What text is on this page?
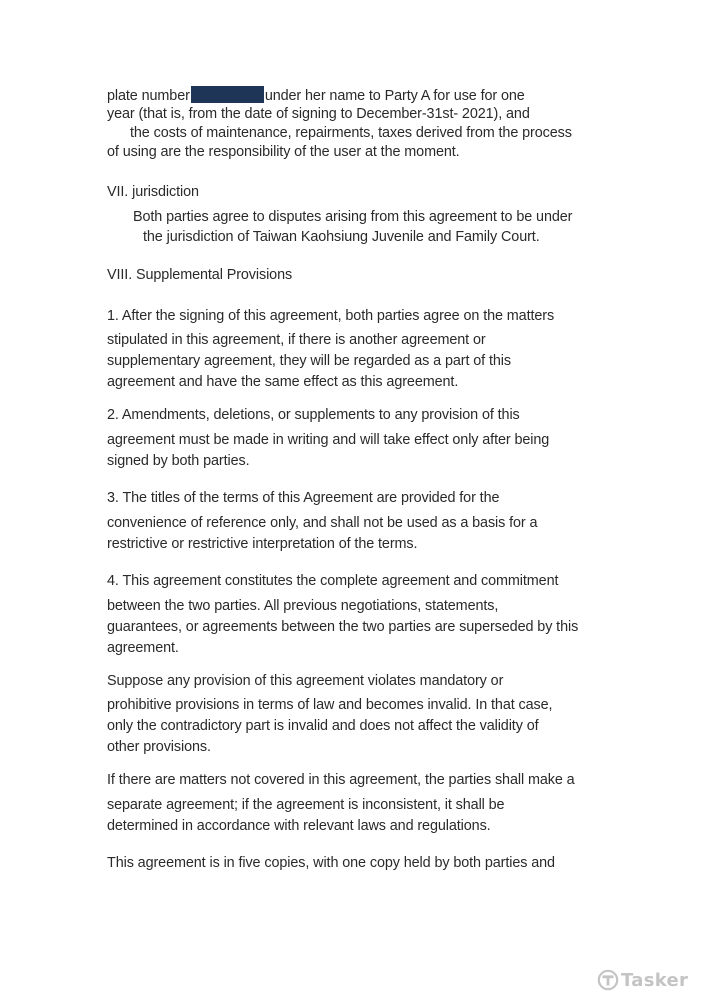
plate number	under her name to Party A for use for one

year (that is, from the date of signing to December-31st- 2021), and

the costs of maintenance, repairments, taxes derived from the process

of using are the responsibility of the user at the moment.

VII. jurisdiction

Both parties agree to disputes arising from this agreement to be under

the jurisdiction of Taiwan Kaohsiung Juvenile and Family Court.

VIII. Supplemental Provisions

1. After the signing of this agreement, both parties agree on the matters

stipulated in this agreement, if there is another agreement or

supplementary agreement, they will be regarded as a part of this

agreement and have the same effect as this agreement.

2. Amendments, deletions, or supplements to any provision of this

agreement must be made in writing and will take effect only after being

signed by both parties.

3. The titles of the terms of this Agreement are provided for the

convenience of reference only, and shall not be used as a basis for a

restrictive or restrictive interpretation of the terms.

4. This agreement constitutes the complete agreement and commitment

between the two parties. All previous negotiations, statements,

guarantees, or agreements between the two parties are superseded by this

agreement.

Suppose any provision of this agreement violates mandatory or

prohibitive provisions in terms of law and becomes invalid. In that case,

only the contradictory part is invalid and does not affect the validity of

other provisions.

If there are matters not covered in this agreement, the parties shall make a

separate agreement; if the agreement is inconsistent, it shall be

determined in accordance with relevant laws and regulations.

This agreement is in five copies, with one copy held by both parties and

Tasker
